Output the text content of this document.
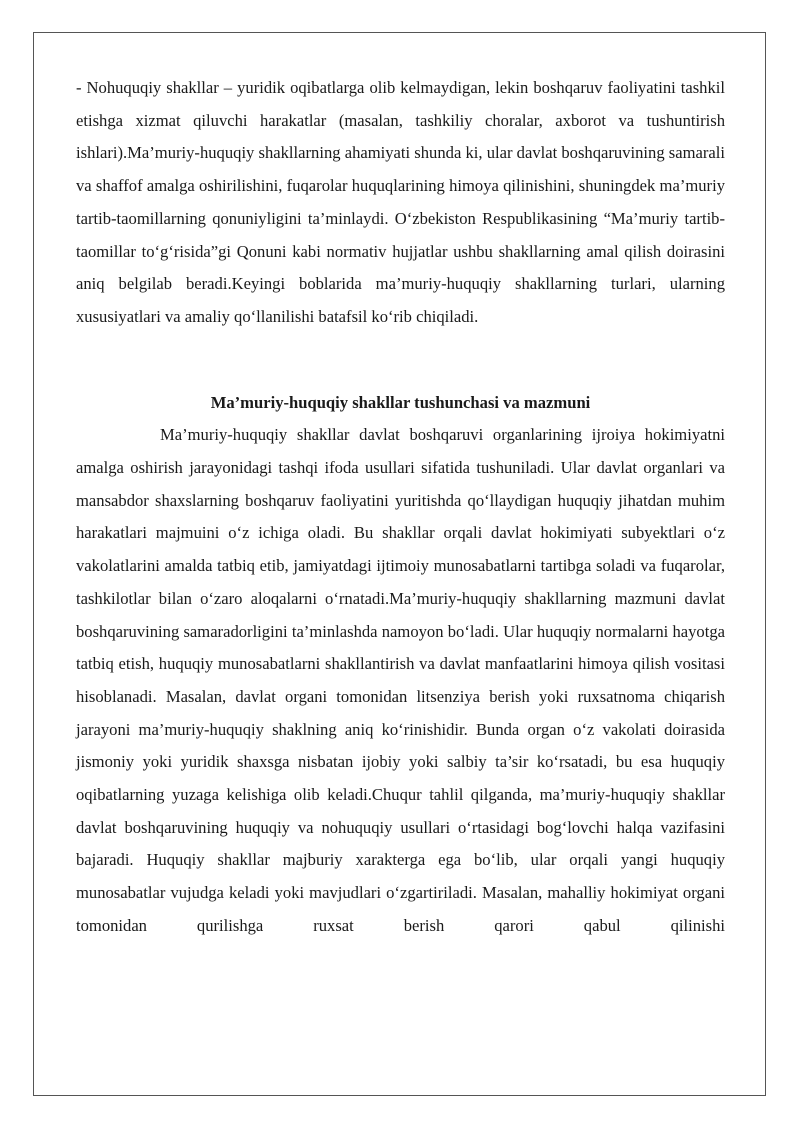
- Nohuquqiy shakllar – yuridik oqibatlarga olib kelmaydigan, lekin boshqaruv faoliyatini tashkil etishga xizmat qiluvchi harakatlar (masalan, tashkiliy choralar, axborot va tushuntirish ishlari).Ma’muriy-huquqiy shakllarning ahamiyati shunda ki, ular davlat boshqaruvining samarali va shaffof amalga oshirilishini, fuqarolar huquqlarining himoya qilinishini, shuningdek ma’muriy tartib-taomillarning qonuniyligini ta’minlaydi. O‘zbekiston Respublikasining “Ma’muriy tartib-taomillar to‘g‘risida”gi Qonuni kabi normativ hujjatlar ushbu shakllarning amal qilish doirasini aniq belgilab beradi.Keyingi boblarida ma’muriy-huquqiy shakllarning turlari, ularning xususiyatlari va amaliy qo‘llanilishi batafsil ko‘rib chiqiladi.

Ma’muriy-huquqiy shakllar tushunchasi va mazmuni

Ma’muriy-huquqiy shakllar davlat boshqaruvi organlarining ijroiya hokimiyatni amalga oshirish jarayonidagi tashqi ifoda usullari sifatida tushuniladi. Ular davlat organlari va mansabdor shaxslarning boshqaruv faoliyatini yuritishda qo‘llaydigan huquqiy jihatdan muhim harakatlari majmuini o‘z ichiga oladi. Bu shakllar orqali davlat hokimiyati subyektlari o‘z vakolatlarini amalda tatbiq etib, jamiyatdagi ijtimoiy munosabatlarni tartibga soladi va fuqarolar, tashkilotlar bilan o‘zaro aloqalarni o‘rnatadi.Ma’muriy-huquqiy shakllarning mazmuni davlat boshqaruvining samaradorligini ta’minlashda namoyon bo‘ladi. Ular huquqiy normalarni hayotga tatbiq etish, huquqiy munosabatlarni shakllantirish va davlat manfaatlarini himoya qilish vositasi hisoblanadi. Masalan, davlat organi tomonidan litsenziya berish yoki ruxsatnoma chiqarish jarayoni ma’muriy-huquqiy shaklning aniq ko‘rinishidir. Bunda organ o‘z vakolati doirasida jismoniy yoki yuridik shaxsga nisbatan ijobiy yoki salbiy ta’sir ko‘rsatadi, bu esa huquqiy oqibatlarning yuzaga kelishiga olib keladi.Chuqur tahlil qilganda, ma’muriy-huquqiy shakllar davlat boshqaruvining huquqiy va nohuquqiy usullari o‘rtasidagi bog‘lovchi halqa vazifasini bajaradi. Huquqiy shakllar majburiy xarakterga ega bo‘lib, ular orqali yangi huquqiy munosabatlar vujudga keladi yoki mavjudlari o‘zgartiriladi. Masalan, mahalliy hokimiyat organi tomonidan qurilishga ruxsat berish qarori qabul qilinishi
